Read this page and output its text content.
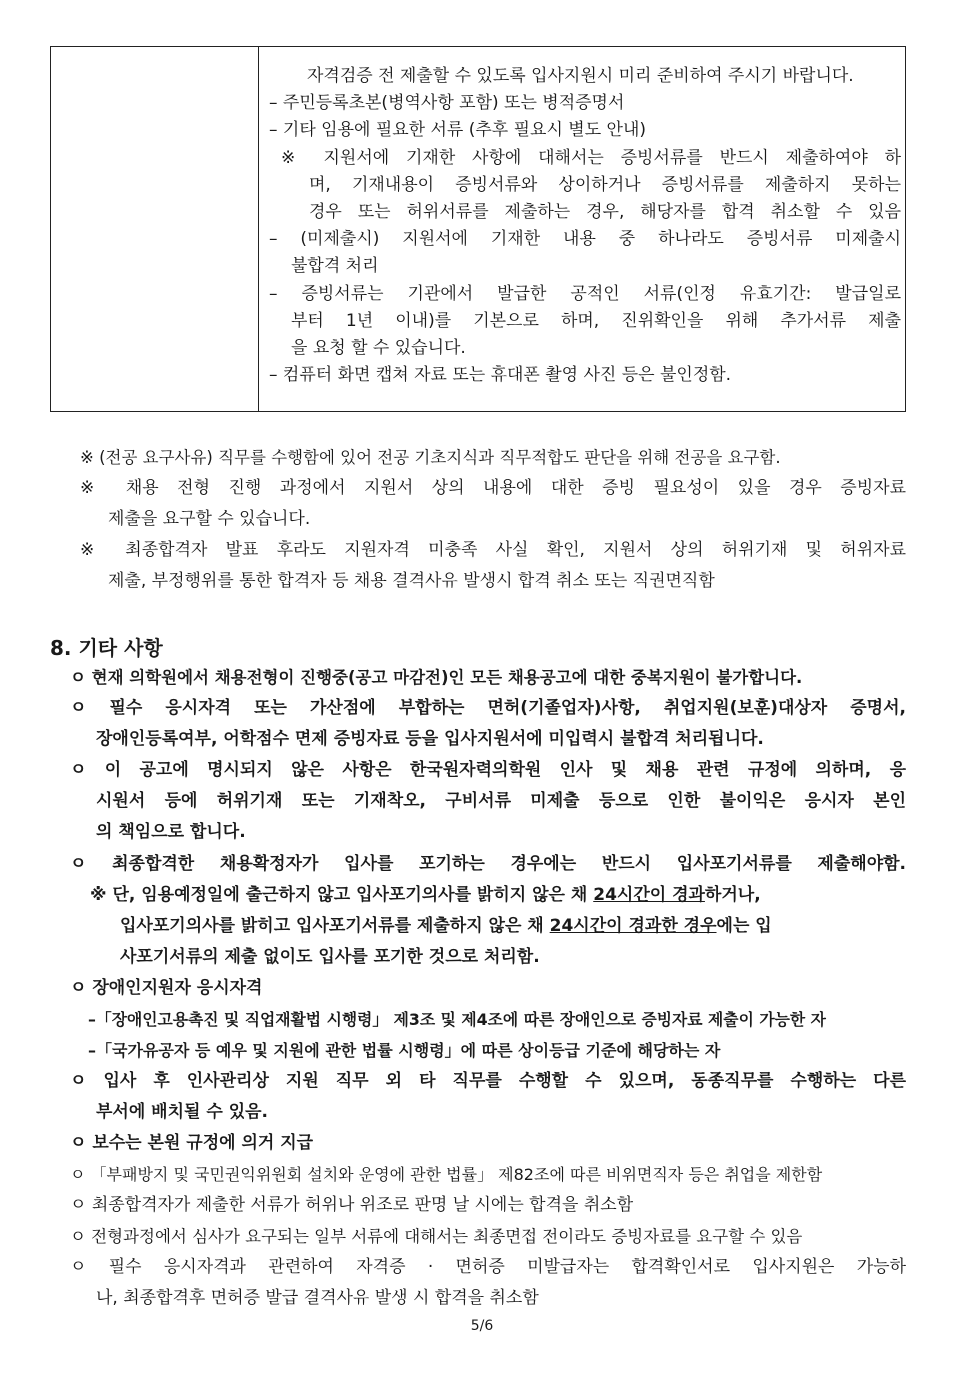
자격검증 전 제출할 수 있도록 입사지원시 미리 준비하여 주시기 바랍니다.
– 주민등록초본(병역사항 포함) 또는 병적증명서
– 기타 임용에 필요한 서류 (추후 필요시 별도 안내)
※ 지원서에 기재한 사항에 대해서는 증빙서류를 반드시 제출하여야 하
며, 기재내용이 증빙서류와 상이하거나 증빙서류를 제출하지 못하는
경우 또는 허위서류를 제출하는 경우, 해당자를 합격 취소할 수 있음
– (미제출시) 지원서에 기재한 내용 중 하나라도 증빙서류 미제출시
불합격 처리
– 증빙서류는 기관에서 발급한 공적인 서류(인정 유효기간: 발급일로
부터 1년 이내)를 기본으로 하며, 진위확인을 위해 추가서류 제출
을 요청 할 수 있습니다.
– 컴퓨터 화면 캡쳐 자료 또는 휴대폰 촬영 사진 등은 불인정함.
※ (전공 요구사유) 직무를 수행함에 있어 전공 기초지식과 직무적합도 판단을 위해 전공을 요구함.
※ 채용 전형 진행 과정에서 지원서 상의 내용에 대한 증빙 필요성이 있을 경우 증빙자료
제출을 요구할 수 있습니다.
※ 최종합격자 발표 후라도 지원자격 미충족 사실 확인, 지원서 상의 허위기재 및 허위자료
제출, 부정행위를 통한 합격자 등 채용 결격사유 발생시 합격 취소 또는 직권면직함
8. 기타 사항
ㅇ 현재 의학원에서 채용전형이 진행중(공고 마감전)인 모든 채용공고에 대한 중복지원이 불가합니다.
ㅇ 필수 응시자격 또는 가산점에 부합하는 면허(기졸업자)사항, 취업지원(보훈)대상자 증명서,
장애인등록여부, 어학점수 면제 증빙자료 등을 입사지원서에 미입력시 불합격 처리됩니다.
ㅇ 이 공고에 명시되지 않은 사항은 한국원자력의학원 인사 및 채용 관련 규정에 의하며, 응
시원서 등에 허위기재 또는 기재착오, 구비서류 미제출 등으로 인한 불이익은 응시자 본인
의 책임으로 합니다.
ㅇ 최종합격한 채용확정자가 입사를 포기하는 경우에는 반드시 입사포기서류를 제출해야함.
※ 단, 임용예정일에 출근하지 않고 입사포기의사를 밝히지 않은 채 24시간이 경과하거나,
입사포기의사를 밝히고 입사포기서류를 제출하지 않은 채 24시간이 경과한 경우에는 입
사포기서류의 제출 없이도 입사를 포기한 것으로 처리함.
ㅇ 장애인지원자 응시자격
–「장애인고용촉진 및 직업재활법 시행령」 제3조 및 제4조에 따른 장애인으로 증빙자료 제출이 가능한 자
–「국가유공자 등 예우 및 지원에 관한 법률 시행령」에 따른 상이등급 기준에 해당하는 자
ㅇ 입사 후 인사관리상 지원 직무 외 타 직무를 수행할 수 있으며, 동종직무를 수행하는 다른
부서에 배치될 수 있음.
ㅇ 보수는 본원 규정에 의거 지급
ㅇ 「부패방지 및 국민권익위원회 설치와 운영에 관한 법률」 제82조에 따른 비위면직자 등은 취업을 제한함
ㅇ 최종합격자가 제출한 서류가 허위나 위조로 판명 날 시에는 합격을 취소함
ㅇ 전형과정에서 심사가 요구되는 일부 서류에 대해서는 최종면접 전이라도 증빙자료를 요구할 수 있음
ㅇ 필수 응시자격과 관련하여 자격증 · 면허증 미발급자는 합격확인서로 입사지원은 가능하
나, 최종합격후 면허증 발급 결격사유 발생 시 합격을 취소함
5/6
